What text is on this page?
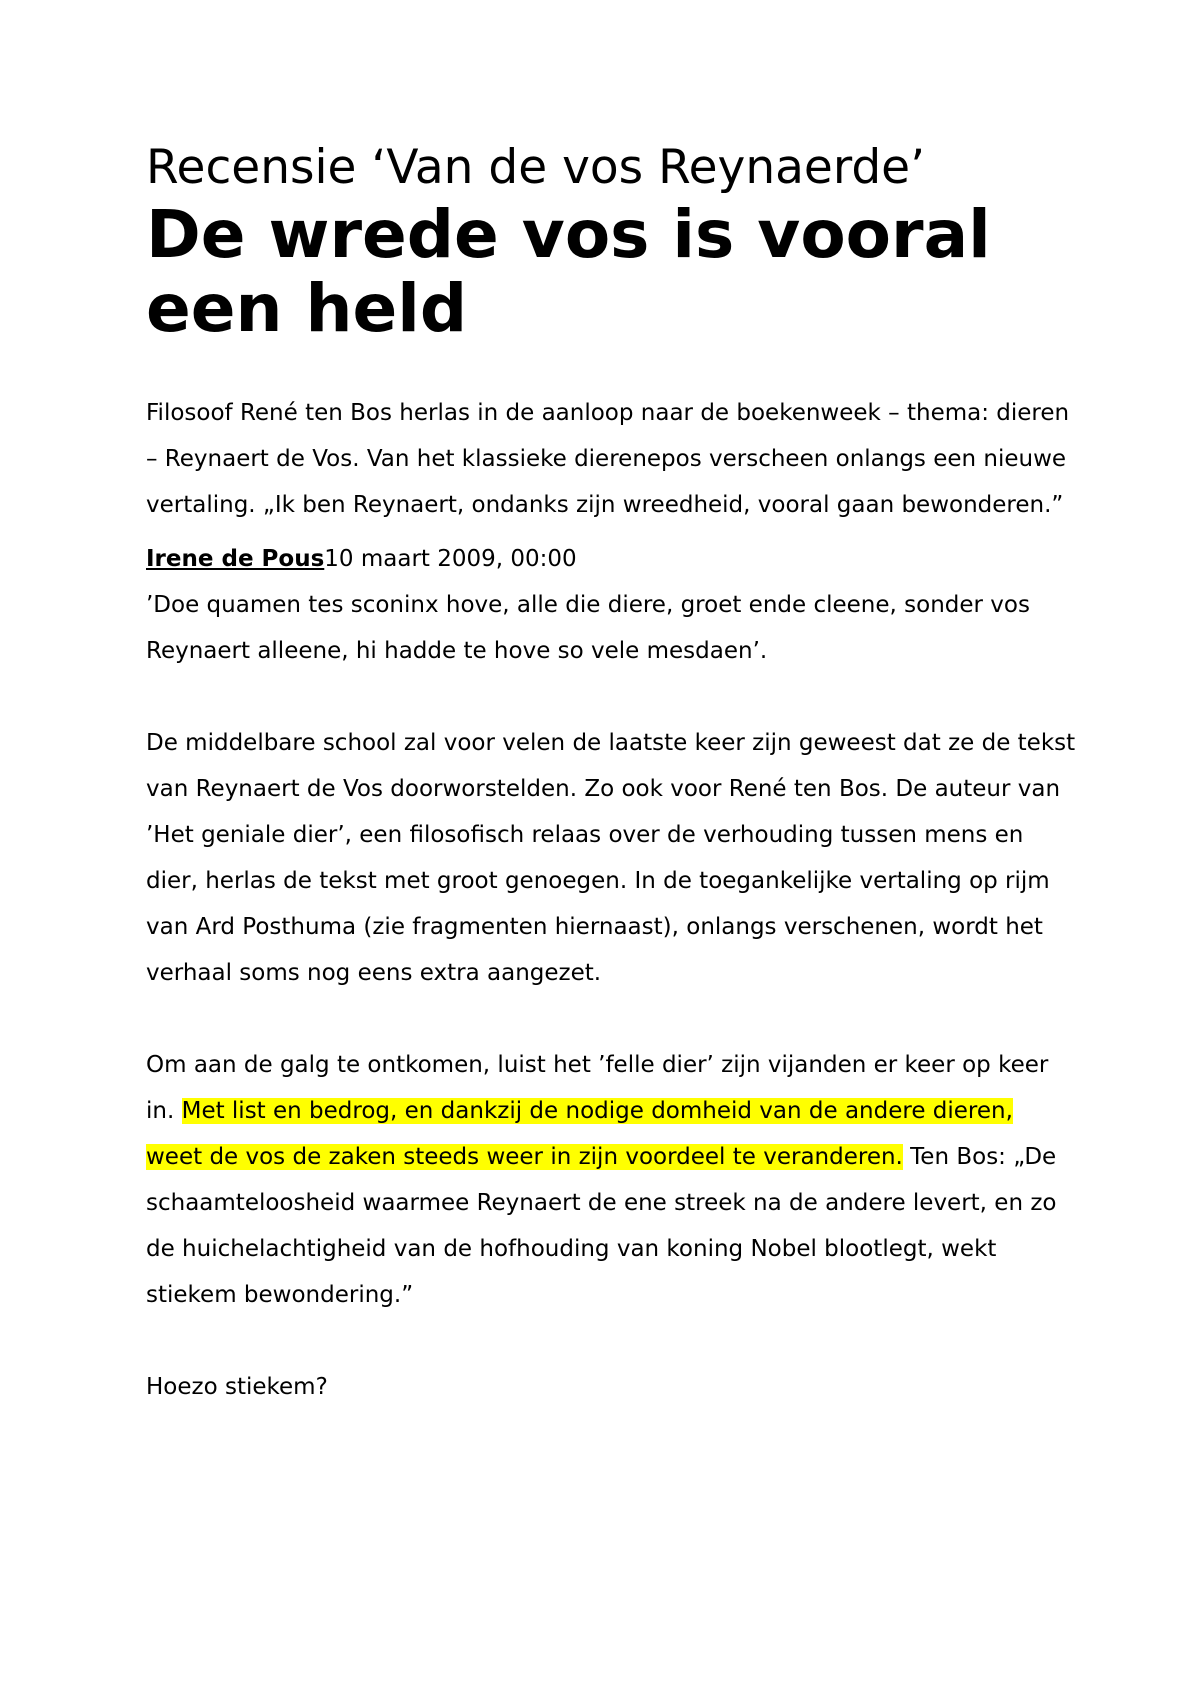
Recensie ‘Van de vos Reynaerde’
De wrede vos is vooral een held

Filosoof René ten Bos herlas in de aanloop naar de boekenweek – thema: dieren – Reynaert de Vos. Van het klassieke dierenepos verscheen onlangs een nieuwe vertaling. „Ik ben Reynaert, ondanks zijn wreedheid, vooral gaan bewonderen.”

Irene de Pous10 maart 2009, 00:00

’Doe quamen tes sconinx hove, alle die diere, groet ende cleene, sonder vos Reynaert alleene, hi hadde te hove so vele mesdaen’.

De middelbare school zal voor velen de laatste keer zijn geweest dat ze de tekst van Reynaert de Vos doorworstelden. Zo ook voor René ten Bos. De auteur van ’Het geniale dier’, een filosofisch relaas over de verhouding tussen mens en dier, herlas de tekst met groot genoegen. In de toegankelijke vertaling op rijm van Ard Posthuma (zie fragmenten hiernaast), onlangs verschenen, wordt het verhaal soms nog eens extra aangezet.

Om aan de galg te ontkomen, luist het ’felle dier’ zijn vijanden er keer op keer in. Met list en bedrog, en dankzij de nodige domheid van de andere dieren, weet de vos de zaken steeds weer in zijn voordeel te veranderen. Ten Bos: „De schaamteloosheid waarmee Reynaert de ene streek na de andere levert, en zo de huichelachtigheid van de hofhouding van koning Nobel blootlegt, wekt stiekem bewondering.”

Hoezo stiekem?
